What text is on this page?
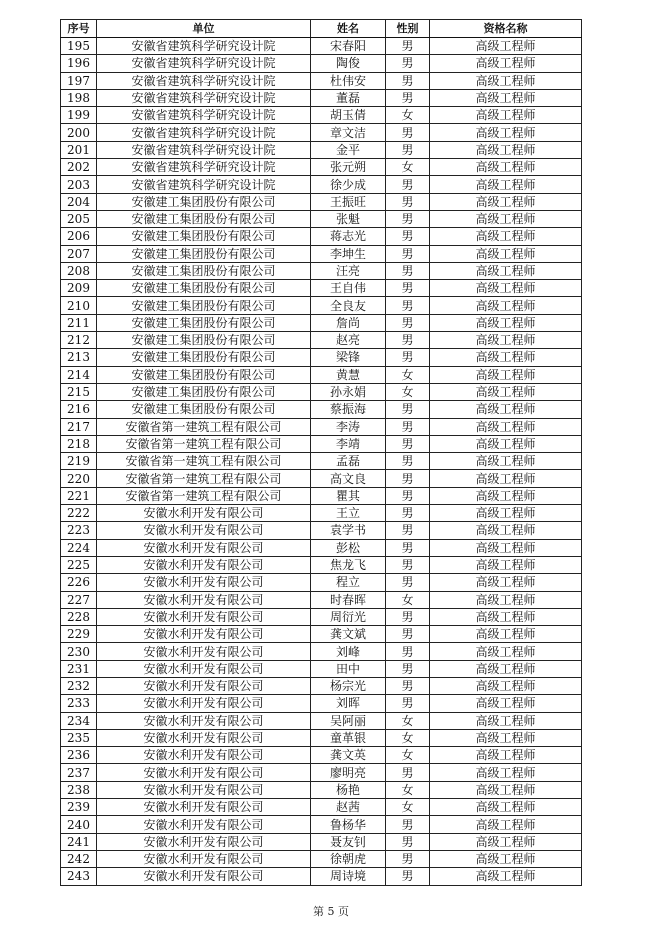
序号	单位	姓名	性别	资格名称
195	安徽省建筑科学研究设计院	宋春阳	男	高级工程师
196	安徽省建筑科学研究设计院	陶俊	男	高级工程师
197	安徽省建筑科学研究设计院	杜伟安	男	高级工程师
198	安徽省建筑科学研究设计院	董磊	男	高级工程师
199	安徽省建筑科学研究设计院	胡玉倩	女	高级工程师
200	安徽省建筑科学研究设计院	章文洁	男	高级工程师
201	安徽省建筑科学研究设计院	金平	男	高级工程师
202	安徽省建筑科学研究设计院	张元朔	女	高级工程师
203	安徽省建筑科学研究设计院	徐少成	男	高级工程师
204	安徽建工集团股份有限公司	王振旺	男	高级工程师
205	安徽建工集团股份有限公司	张魁	男	高级工程师
206	安徽建工集团股份有限公司	蒋志光	男	高级工程师
207	安徽建工集团股份有限公司	李坤生	男	高级工程师
208	安徽建工集团股份有限公司	汪亮	男	高级工程师
209	安徽建工集团股份有限公司	王自伟	男	高级工程师
210	安徽建工集团股份有限公司	全良友	男	高级工程师
211	安徽建工集团股份有限公司	詹尚	男	高级工程师
212	安徽建工集团股份有限公司	赵亮	男	高级工程师
213	安徽建工集团股份有限公司	梁锋	男	高级工程师
214	安徽建工集团股份有限公司	黄慧	女	高级工程师
215	安徽建工集团股份有限公司	孙永娟	女	高级工程师
216	安徽建工集团股份有限公司	蔡振海	男	高级工程师
217	安徽省第一建筑工程有限公司	李涛	男	高级工程师
218	安徽省第一建筑工程有限公司	李靖	男	高级工程师
219	安徽省第一建筑工程有限公司	孟磊	男	高级工程师
220	安徽省第一建筑工程有限公司	高文良	男	高级工程师
221	安徽省第一建筑工程有限公司	瞿其	男	高级工程师
222	安徽水利开发有限公司	王立	男	高级工程师
223	安徽水利开发有限公司	袁学书	男	高级工程师
224	安徽水利开发有限公司	彭松	男	高级工程师
225	安徽水利开发有限公司	焦龙飞	男	高级工程师
226	安徽水利开发有限公司	程立	男	高级工程师
227	安徽水利开发有限公司	时春晖	女	高级工程师
228	安徽水利开发有限公司	周衍光	男	高级工程师
229	安徽水利开发有限公司	龚文斌	男	高级工程师
230	安徽水利开发有限公司	刘峰	男	高级工程师
231	安徽水利开发有限公司	田中	男	高级工程师
232	安徽水利开发有限公司	杨宗光	男	高级工程师
233	安徽水利开发有限公司	刘晖	男	高级工程师
234	安徽水利开发有限公司	吴阿丽	女	高级工程师
235	安徽水利开发有限公司	童革银	女	高级工程师
236	安徽水利开发有限公司	龚文英	女	高级工程师
237	安徽水利开发有限公司	廖明亮	男	高级工程师
238	安徽水利开发有限公司	杨艳	女	高级工程师
239	安徽水利开发有限公司	赵茜	女	高级工程师
240	安徽水利开发有限公司	鲁杨华	男	高级工程师
241	安徽水利开发有限公司	聂友钊	男	高级工程师
242	安徽水利开发有限公司	徐朝虎	男	高级工程师
243	安徽水利开发有限公司	周诗境	男	高级工程师
第 5 页
